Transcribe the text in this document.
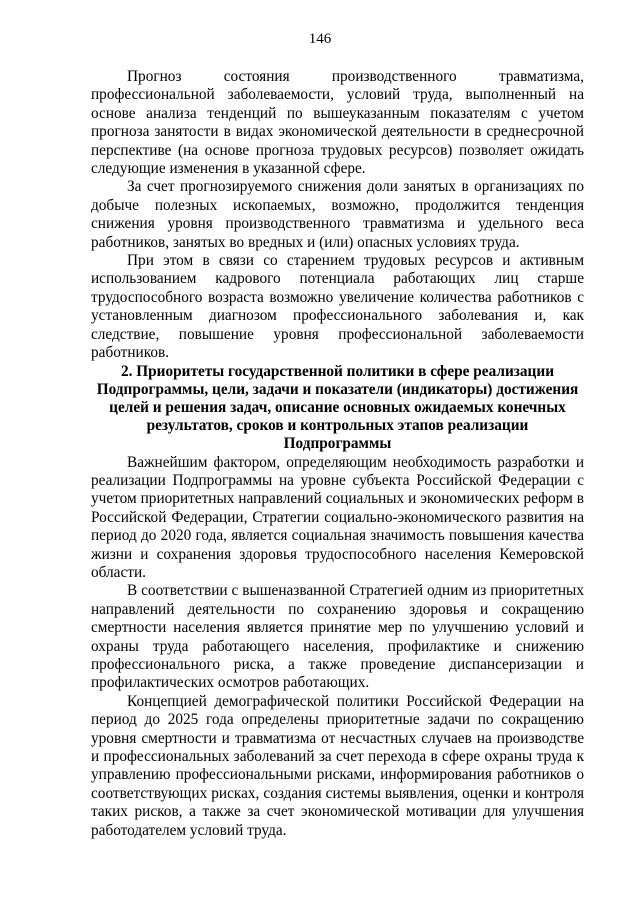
146

Прогноз состояния производственного травматизма, профессиональной заболеваемости, условий труда, выполненный на основе анализа тенденций по вышеуказанным показателям с учетом прогноза занятости в видах экономической деятельности в среднесрочной перспективе (на основе прогноза трудовых ресурсов) позволяет ожидать следующие изменения в указанной сфере.

За счет прогнозируемого снижения доли занятых в организациях по добыче полезных ископаемых, возможно, продолжится тенденция снижения уровня производственного травматизма и удельного веса работников, занятых во вредных и (или) опасных условиях труда.

При этом в связи со старением трудовых ресурсов и активным использованием кадрового потенциала работающих лиц старше трудоспособного возраста возможно увеличение количества работников с установленным диагнозом профессионального заболевания и, как следствие, повышение уровня профессиональной заболеваемости работников.

2. Приоритеты государственной политики в сфере реализации Подпрограммы, цели, задачи и показатели (индикаторы) достижения целей и решения задач, описание основных ожидаемых конечных результатов, сроков и контрольных этапов реализации Подпрограммы

Важнейшим фактором, определяющим необходимость разработки и реализации Подпрограммы на уровне субъекта Российской Федерации с учетом приоритетных направлений социальных и экономических реформ в Российской Федерации, Стратегии социально-экономического развития на период до 2020 года, является социальная значимость повышения качества жизни и сохранения здоровья трудоспособного населения Кемеровской области.

В соответствии с вышеназванной Стратегией одним из приоритетных направлений деятельности по сохранению здоровья и сокращению смертности населения является принятие мер по улучшению условий и охраны труда работающего населения, профилактике и снижению профессионального риска, а также проведение диспансеризации и профилактических осмотров работающих.

Концепцией демографической политики Российской Федерации на период до 2025 года определены приоритетные задачи по сокращению уровня смертности и травматизма от несчастных случаев на производстве и профессиональных заболеваний за счет перехода в сфере охраны труда к управлению профессиональными рисками, информирования работников о соответствующих рисках, создания системы выявления, оценки и контроля таких рисков, а также за счет экономической мотивации для улучшения работодателем условий труда.
